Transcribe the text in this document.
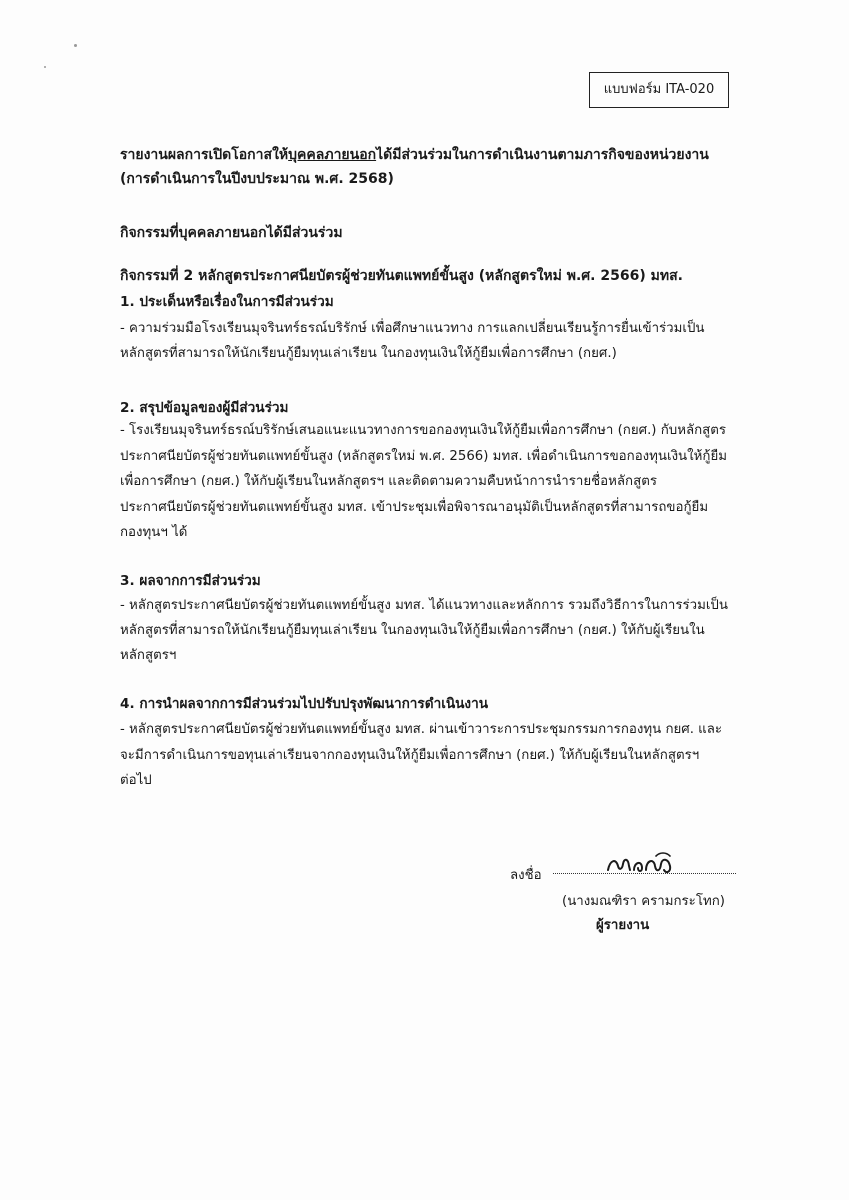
แบบฟอร์ม ITA-020
รายงานผลการเปิดโอกาสให้บุคคลภายนอกได้มีส่วนร่วมในการดำเนินงานตามภารกิจของหน่วยงาน
(การดำเนินการในปีงบประมาณ พ.ศ. 2568)
กิจกรรมที่บุคคลภายนอกได้มีส่วนร่วม
กิจกรรมที่ 2 หลักสูตรประกาศนียบัตรผู้ช่วยทันตแพทย์ขั้นสูง (หลักสูตรใหม่ พ.ศ. 2566) มทส.
1. ประเด็นหรือเรื่องในการมีส่วนร่วม
- ความร่วมมือโรงเรียนมุจรินทร์ธรณ์บริรักษ์ เพื่อศึกษาแนวทาง การแลกเปลี่ยนเรียนรู้การยื่นเข้าร่วมเป็น
หลักสูตรที่สามารถให้นักเรียนกู้ยืมทุนเล่าเรียน ในกองทุนเงินให้กู้ยืมเพื่อการศึกษา (กยศ.)
2. สรุปข้อมูลของผู้มีส่วนร่วม
- โรงเรียนมุจรินทร์ธรณ์บริรักษ์เสนอแนะแนวทางการขอกองทุนเงินให้กู้ยืมเพื่อการศึกษา (กยศ.) กับหลักสูตร
ประกาศนียบัตรผู้ช่วยทันตแพทย์ขั้นสูง (หลักสูตรใหม่ พ.ศ. 2566) มทส. เพื่อดำเนินการขอกองทุนเงินให้กู้ยืม
เพื่อการศึกษา (กยศ.) ให้กับผู้เรียนในหลักสูตรฯ และติดตามความคืบหน้าการนำรายชื่อหลักสูตร
ประกาศนียบัตรผู้ช่วยทันตแพทย์ขั้นสูง มทส. เข้าประชุมเพื่อพิจารณาอนุมัติเป็นหลักสูตรที่สามารถขอกู้ยืม
กองทุนฯ ได้
3. ผลจากการมีส่วนร่วม
- หลักสูตรประกาศนียบัตรผู้ช่วยทันตแพทย์ขั้นสูง มทส. ได้แนวทางและหลักการ รวมถึงวิธีการในการร่วมเป็น
หลักสูตรที่สามารถให้นักเรียนกู้ยืมทุนเล่าเรียน ในกองทุนเงินให้กู้ยืมเพื่อการศึกษา (กยศ.) ให้กับผู้เรียนใน
หลักสูตรฯ
4. การนำผลจากการมีส่วนร่วมไปปรับปรุงพัฒนาการดำเนินงาน
- หลักสูตรประกาศนียบัตรผู้ช่วยทันตแพทย์ขั้นสูง มทส. ผ่านเข้าวาระการประชุมกรรมการกองทุน กยศ. และ
จะมีการดำเนินการขอทุนเล่าเรียนจากกองทุนเงินให้กู้ยืมเพื่อการศึกษา (กยศ.) ให้กับผู้เรียนในหลักสูตรฯ
ต่อไป
ลงชื่อ
(นางมณฑิรา ครามกระโทก)
ผู้รายงาน
